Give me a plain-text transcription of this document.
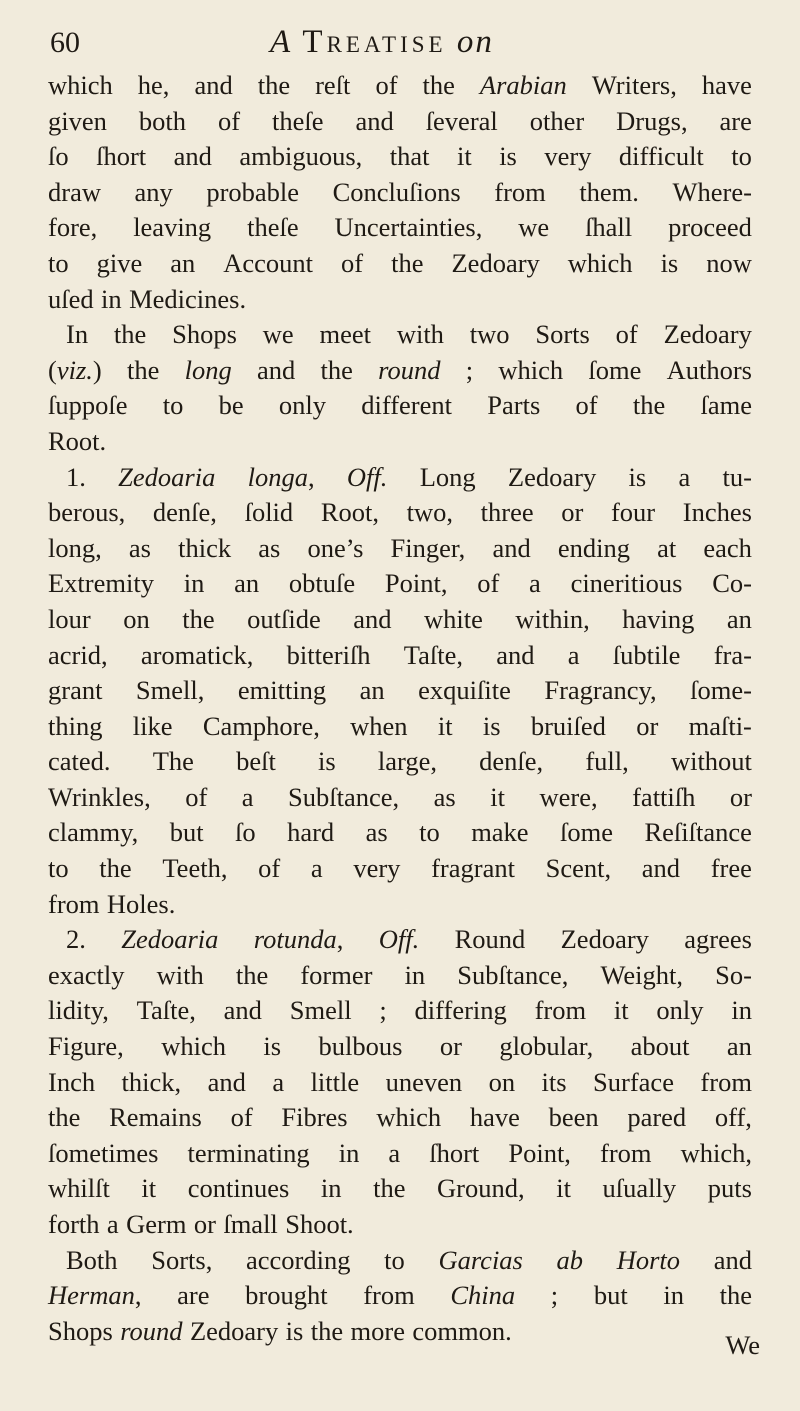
60	A Treatise on
which he, and the reſt of the Arabian Writers, have
given both of theſe and ſeveral other Drugs, are
ſo ſhort and ambiguous, that it is very difficult to
draw any probable Concluſions from them. Where-
fore, leaving theſe Uncertainties, we ſhall proceed
to give an Account of the Zedoary which is now
uſed in Medicines.
In the Shops we meet with two Sorts of Zedoary
(viz.) the long and the round ; which ſome Authors
ſuppoſe to be only different Parts of the ſame
Root.
1. Zedoaria longa, Off. Long Zedoary is a tu-
berous, denſe, ſolid Root, two, three or four Inches
long, as thick as one’s Finger, and ending at each
Extremity in an obtuſe Point, of a cineritious Co-
lour on the outſide and white within, having an
acrid, aromatick, bitteriſh Taſte, and a ſubtile fra-
grant Smell, emitting an exquiſite Fragrancy, ſome-
thing like Camphore, when it is bruiſed or maſti-
cated. The beſt is large, denſe, full, without
Wrinkles, of a Subſtance, as it were, fattiſh or
clammy, but ſo hard as to make ſome Reſiſtance
to the Teeth, of a very fragrant Scent, and free
from Holes.
2. Zedoaria rotunda, Off. Round Zedoary agrees
exactly with the former in Subſtance, Weight, So-
lidity, Taſte, and Smell ; differing from it only in
Figure, which is bulbous or globular, about an
Inch thick, and a little uneven on its Surface from
the Remains of Fibres which have been pared off,
ſometimes terminating in a ſhort Point, from which,
whilſt it continues in the Ground, it uſually puts
forth a Germ or ſmall Shoot.
Both Sorts, according to Garcias ab Horto and
Herman, are brought from China ; but in the
Shops round Zedoary is the more common.	We
